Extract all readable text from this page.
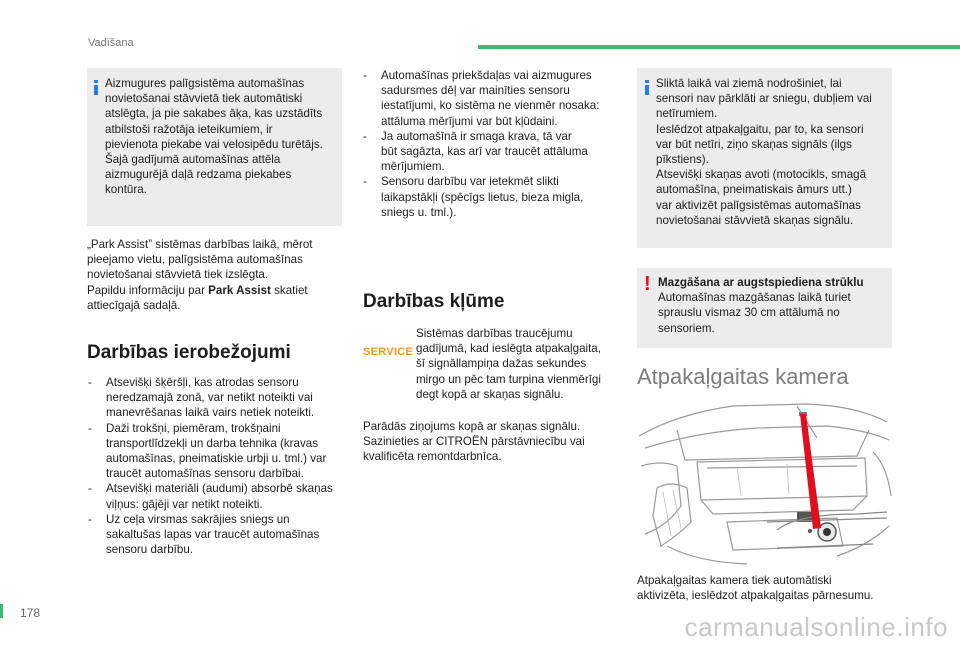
Vadīšana
Aizmugures palīgsistēma automašīnas
novietošanai stāvvietā tiek automātiski
atslēgta, ja pie sakabes āķa, kas uzstādīts
atbilstoši ražotāja ieteikumiem, ir
pievienota piekabe vai velosipēdu turētājs.
Šajā gadījumā automašīnas attēla
aizmugurējā daļā redzama piekabes
kontūra.
„Park Assist” sistēmas darbības laikā, mērot
pieejamo vietu, palīgsistēma automašīnas
novietošanai stāvvietā tiek izslēgta.
Papildu informāciju par Park Assist skatiet
attiecīgajā sadaļā.
Darbības ierobežojumi
- Atsevišķi šķēršļi, kas atrodas sensoru
neredzamajā zonā, var netikt noteikti vai
manevrēšanas laikā vairs netiek noteikti.
- Daži trokšņi, piemēram, trokšņaini
transportlīdzekļi un darba tehnika (kravas
automašīnas, pneimatiskie urbji u. tml.) var
traucēt automašīnas sensoru darbībai.
- Atsevišķi materiāli (audumi) absorbē skaņas
viļņus: gājēji var netikt noteikti.
- Uz ceļa virsmas sakrājies sniegs un
sakaltušas lapas var traucēt automašīnas
sensoru darbību.
- Automašīnas priekšdaļas vai aizmugures
sadursmes dēļ var mainīties sensoru
iestatījumi, ko sistēma ne vienmēr nosaka:
attāluma mērījumi var būt kļūdaini.
- Ja automašīnā ir smaga krava, tā var
būt sagāzta, kas arī var traucēt attāluma
mērījumiem.
- Sensoru darbību var ietekmēt slikti
laikapstākļi (spēcīgs lietus, bieza migla,
sniegs u. tml.).
Darbības kļūme
SERVICE
Sistēmas darbības traucējumu
gadījumā, kad ieslēgta atpakaļgaita,
šī signāllampiņa dažas sekundes
mirgo un pēc tam turpina vienmērīgi
degt kopā ar skaņas signālu.
Parādās ziņojums kopā ar skaņas signālu.
Sazinieties ar CITROËN pārstāvniecību vai
kvalificēta remontdarbnīca.
Sliktā laikā vai ziemā nodrošiniet, lai
sensori nav pārklāti ar sniegu, dubļiem vai
netīrumiem.
Ieslēdzot atpakaļgaitu, par to, ka sensori
var būt netīri, ziņo skaņas signāls (ilgs
pīkstiens).
Atsevišķi skaņas avoti (motocikls, smagā
automašīna, pneimatiskais āmurs utt.)
var aktivizēt palīgsistēmas automašīnas
novietošanai stāvvietā skaņas signālu.
! Mazgāšana ar augstspiediena strūklu
Automašīnas mazgāšanas laikā turiet
sprauslu vismaz 30 cm attālumā no
sensoriem.
Atpakaļgaitas kamera
Atpakaļgaitas kamera tiek automātiski
aktivizēta, ieslēdzot atpakaļgaitas pārnesumu.
178	carmanualsonline.info
